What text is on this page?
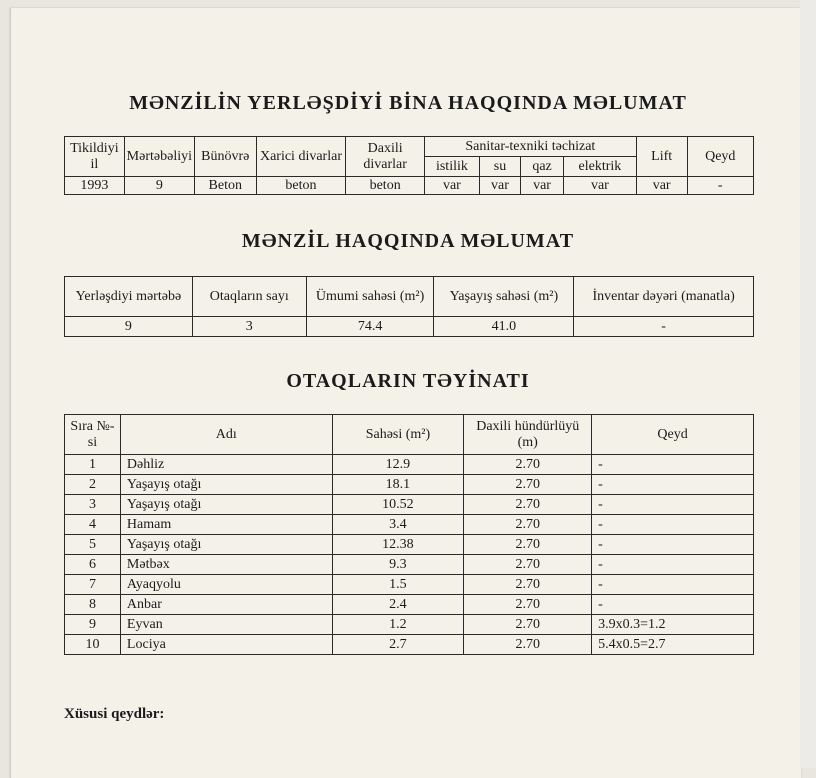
MƏNZİLİN YERLƏŞDİYİ BİNA HAQQINDA MƏLUMAT
Tikildiyi il	Mərtəbəliyi	Bünövrə	Xarici divarlar	Daxili divarlar	Sanitar-texniki təchizat				Lift	Qeyd
					istilik	su	qaz	elektrik		
1993	9	Beton	beton	beton	var	var	var	var	var	-
MƏNZİL HAQQINDA MƏLUMAT
Yerləşdiyi mərtəbə	Otaqların sayı	Ümumi sahəsi (m²)	Yaşayış sahəsi (m²)	İnventar dəyəri (manatla)
9	3	74.4	41.0	-
OTAQLARIN TƏYİNATI
Sıra №-si	Adı	Sahəsi (m²)	Daxili hündürlüyü (m)	Qeyd
1	Dəhliz	12.9	2.70	-
2	Yaşayış otağı	18.1	2.70	-
3	Yaşayış otağı	10.52	2.70	-
4	Hamam	3.4	2.70	-
5	Yaşayış otağı	12.38	2.70	-
6	Mətbəx	9.3	2.70	-
7	Ayaqyolu	1.5	2.70	-
8	Anbar	2.4	2.70	-
9	Eyvan	1.2	2.70	3.9x0.3=1.2
10	Lociya	2.7	2.70	5.4x0.5=2.7
Xüsusi qeydlər:
